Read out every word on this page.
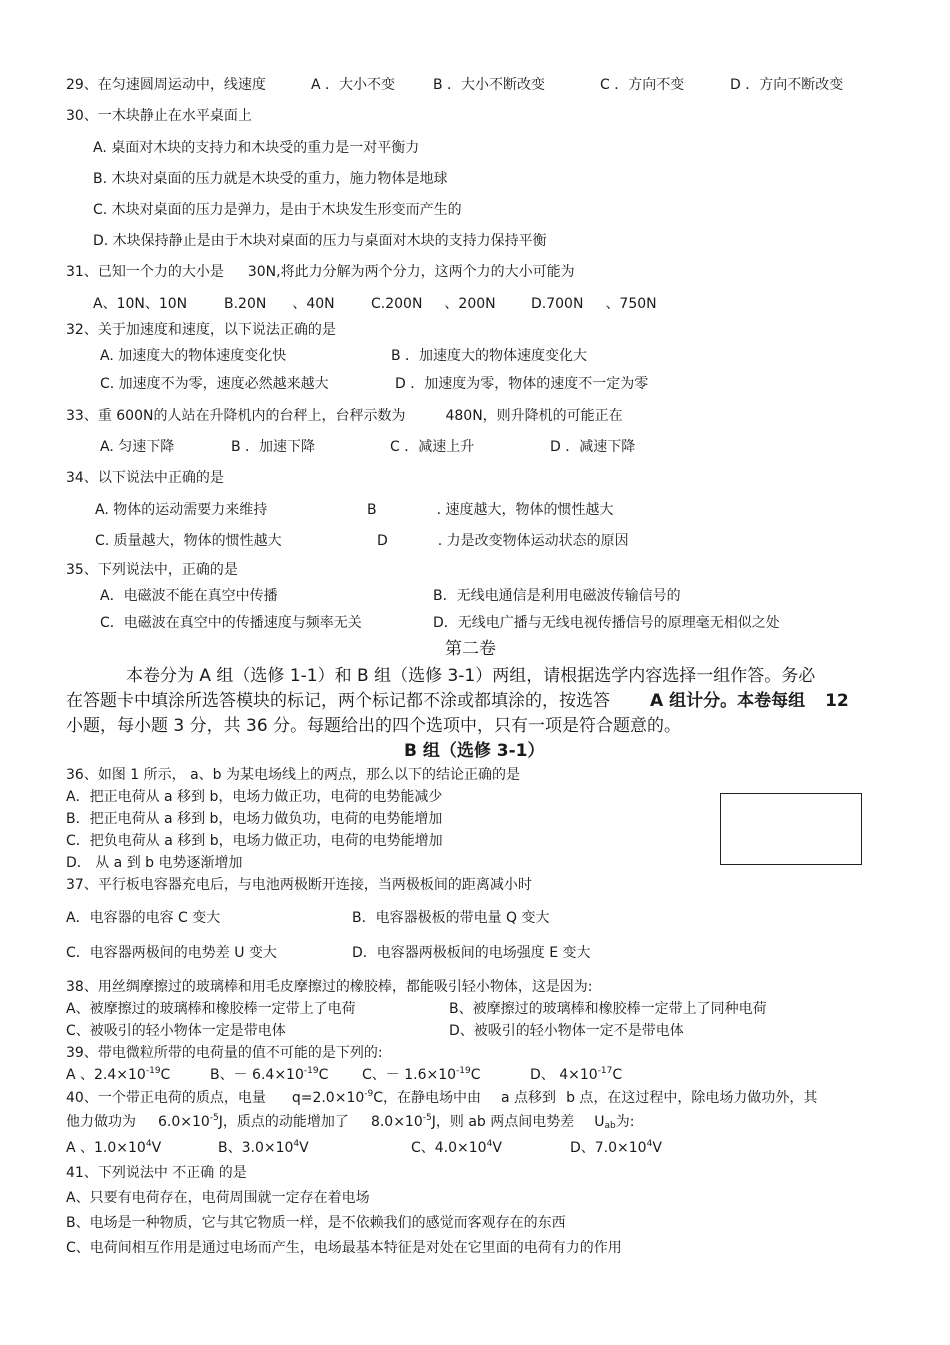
29、在匀速圆周运动中，线速度	A ．大小不变	B ．大小不断改变	C ．方向不变	D ．方向不断改变
30、一木块静止在水平桌面上
A. 桌面对木块的支持力和木块受的重力是一对平衡力
B. 木块对桌面的压力就是木块受的重力，施力物体是地球
C. 木块对桌面的压力是弹力，是由于木块发生形变而产生的
D. 木块保持静止是由于木块对桌面的压力与桌面对木块的支持力保持平衡
31、已知一个力的大小是 30N,将此力分解为两个分力，这两个力的大小可能为
A、10N、10N	B.20N 、40N	C.200N 、200N	D.700N 、750N
32、关于加速度和速度，以下说法正确的是
A. 加速度大的物体速度变化快	B ．加速度大的物体速度变化大
C. 加速度不为零，速度必然越来越大	D ．加速度为零，物体的速度不一定为零
33、重 600N的人站在升降机内的台秤上，台秤示数为	480N，则升降机的可能正在
A. 匀速下降	B ．加速下降	C ．减速上升	D ．减速下降
34、以下说法中正确的是
A. 物体的运动需要力来维持	B	. 速度越大，物体的惯性越大
C. 质量越大，物体的惯性越大	D	. 力是改变物体运动状态的原因
35、下列说法中，正确的是
A．电磁波不能在真空中传播	B．无线电通信是利用电磁波传输信号的
C．电磁波在真空中的传播速度与频率无关	D．无线电广播与无线电视传播信号的原理毫无相似之处
第二卷
本卷分为 A 组（选修 1-1）和 B 组（选修 3-1）两组，请根据选学内容选择一组作答。务必
在答题卡中填涂所选答模块的标记，两个标记都不涂或都填涂的，按选答 A 组计分。本卷每组 12
小题，每小题 3 分，共 36 分。每题给出的四个选项中，只有一项是符合题意的。
B 组（选修 3-1）
36、如图 1 所示， a、b 为某电场线上的两点，那么以下的结论正确的是
A．把正电荷从 a 移到 b，电场力做正功，电荷的电势能减少
B．把正电荷从 a 移到 b，电场力做负功，电荷的电势能增加
C．把负电荷从 a 移到 b，电场力做正功，电荷的电势能增加
D． 从 a 到 b 电势逐渐增加
37、平行板电容器充电后，与电池两极断开连接，当两极板间的距离减小时
A．电容器的电容 C 变大	B．电容器极板的带电量 Q 变大
C．电容器两极间的电势差 U 变大	D．电容器两极板间的电场强度 E 变大
38、用丝绸摩擦过的玻璃棒和用毛皮摩擦过的橡胶棒，都能吸引轻小物体，这是因为:
A、被摩擦过的玻璃棒和橡胶棒一定带上了电荷	B、被摩擦过的玻璃棒和橡胶棒一定带上了同种电荷
C、被吸引的轻小物体一定是带电体	D、被吸引的轻小物体一定不是带电体
39、带电微粒所带的电荷量的值不可能的是下列的:
A 、$2.4\times 10^{-19}C$	B、－ $6.4\times 10^{-19}C$ C、－ $1.6\times 10^{-19}C$	D、 $4\times 10^{-17}C$
40、一个带正电荷的质点，电量 $q=2.0\times 10^{-9}C$，在静电场中由 a 点移到 b 点，在这过程中，除电场力做功外，其
他力做功为 $6.0\times 10^{-5}J$，质点的动能增加了 $8.0\times 10^{-5}J$，则 ab 两点间电势差 $U_{ab}$为:
A 、$1.0\times 10^4V$	B、$3.0\times 10^4V$	C、$4.0\times 10^4V$	D、$7.0\times 10^4V$
41、下列说法中 不正确 的是
A、只要有电荷存在，电荷周围就一定存在着电场
B、电场是一种物质，它与其它物质一样，是不依赖我们的感觉而客观存在的东西
C、电荷间相互作用是通过电场而产生，电场最基本特征是对处在它里面的电荷有力的作用
